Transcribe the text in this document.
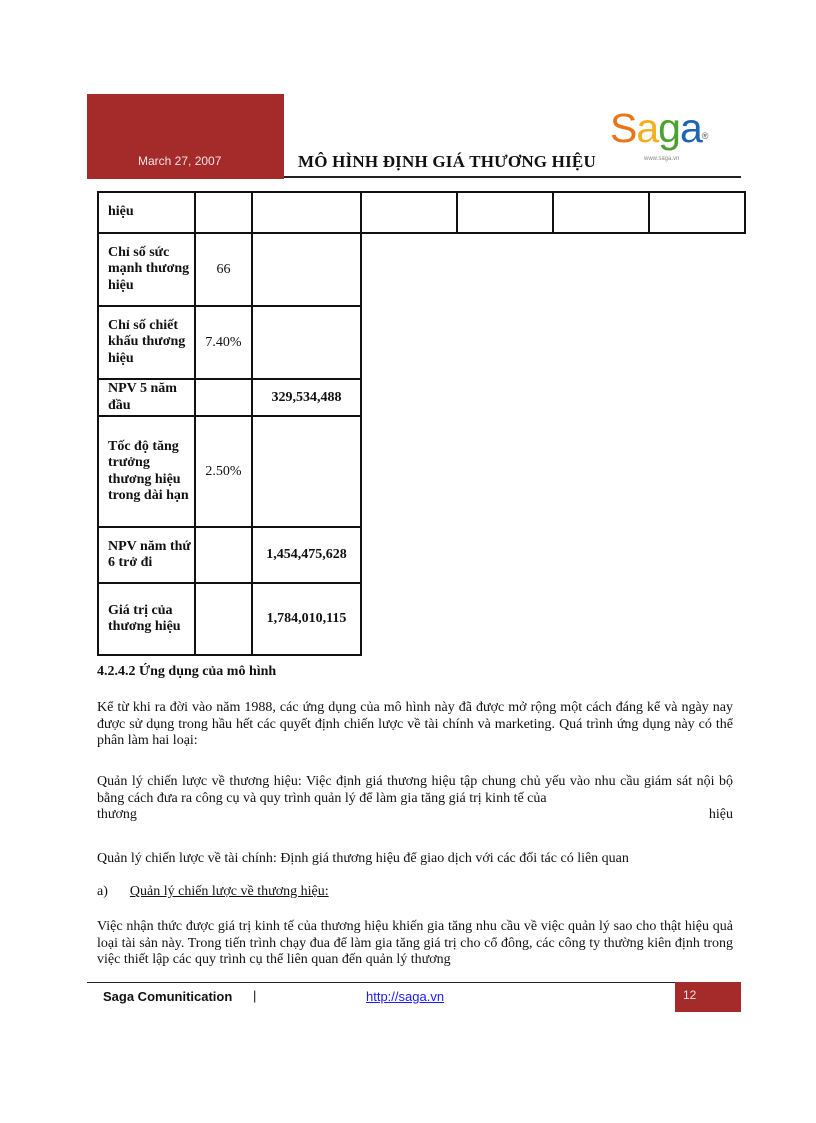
March 27, 2007	MÔ HÌNH ĐỊNH GIÁ THƯƠNG HIỆU
Saga®
www.saga.vn
hiệu						
Chỉ số sức mạnh thương hiệu	66					
Chỉ số chiết khấu thương hiệu	7.40%					
NPV 5 năm đầu		329,534,488				
Tốc độ tăng trưởng thương hiệu trong dài hạn	2.50%					
NPV năm thứ 6 trở đi		1,454,475,628				
Giá trị của thương hiệu		1,784,010,115				
4.2.4.2 Ứng dụng của mô hình
Kể từ khi ra đời vào năm 1988, các ứng dụng của mô hình này đã được mở rộng một cách đáng kể và ngày nay được sử dụng trong hầu hết các quyết định chiến lược về tài chính và marketing. Quá trình ứng dụng này có thể phân làm hai loại:
Quản lý chiến lược về thương hiệu: Việc định giá thương hiệu tập chung chủ yếu vào nhu cầu giám sát nội bộ bằng cách đưa ra công cụ và quy trình quản lý để làm gia tăng giá trị kinh tế của
thương	hiệu
Quản lý chiến lược về tài chính: Định giá thương hiệu để giao dịch với các đối tác có liên quan
a) Quản lý chiến lược về thương hiệu:
Việc nhận thức được giá trị kinh tế của thương hiệu khiến gia tăng nhu cầu về việc quản lý sao cho thật hiệu quả loại tài sản này. Trong tiến trình chạy đua để làm gia tăng giá trị cho cổ đông, các công ty thường kiên định trong việc thiết lập các quy trình cụ thể liên quan đến quản lý thương
Saga Comunitication |	http://saga.vn	12
